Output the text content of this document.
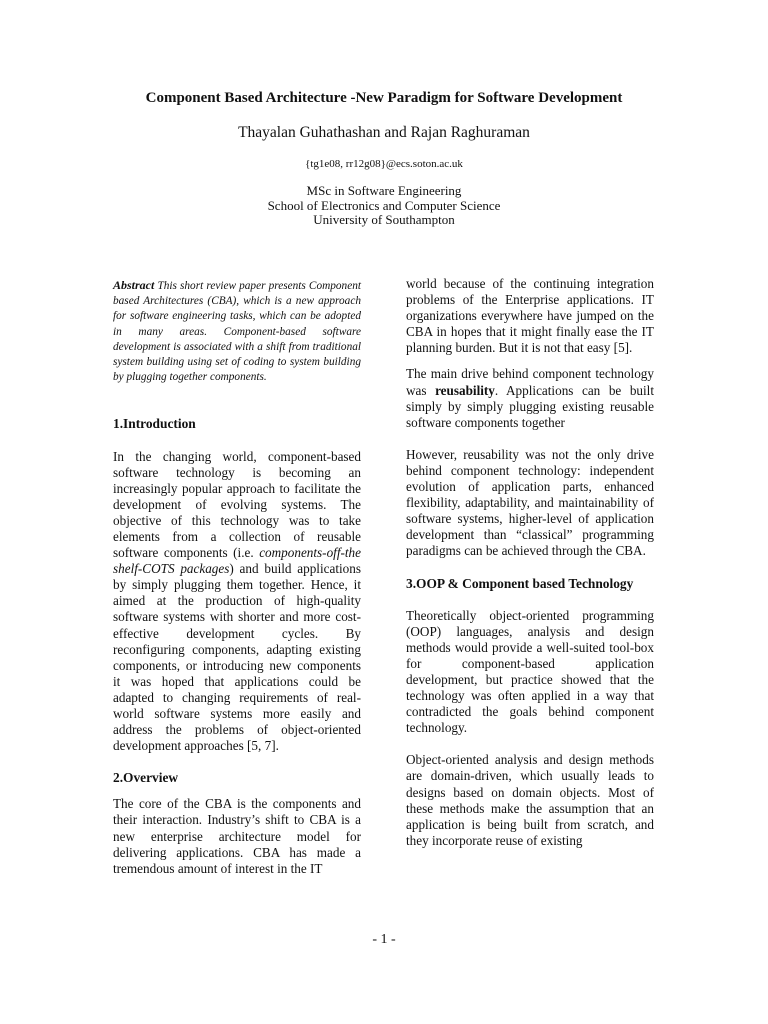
Component Based Architecture -New Paradigm for Software Development
Thayalan Guhathashan and Rajan Raghuraman
{tg1e08, rr12g08}@ecs.soton.ac.uk
MSc in Software Engineering
School of Electronics and Computer Science
University of Southampton

Abstract This short review paper presents Component based Architectures (CBA), which is a new approach for software engineering tasks, which can be adopted in many areas. Component-based software development is associated with a shift from traditional system building using set of coding to system building by plugging together components.

1.Introduction

In the changing world, component-based software technology is becoming an increasingly popular approach to facilitate the development of evolving systems. The objective of this technology was to take elements from a collection of reusable software components (i.e. components-off-the shelf-COTS packages) and build applications by simply plugging them together. Hence, it aimed at the production of high-quality software systems with shorter and more cost-effective development cycles. By reconfiguring components, adapting existing components, or introducing new components it was hoped that applications could be adapted to changing requirements of real-world software systems more easily and address the problems of object-oriented development approaches [5, 7].

2.Overview

The core of the CBA is the components and their interaction. Industry’s shift to CBA is a new enterprise architecture model for delivering applications. CBA has made a tremendous amount of interest in the IT

world because of the continuing integration problems of the Enterprise applications. IT organizations everywhere have jumped on the CBA in hopes that it might finally ease the IT planning burden. But it is not that easy [5].

The main drive behind component technology was reusability. Applications can be built simply by simply plugging existing reusable software components together

However, reusability was not the only drive behind component technology: independent evolution of application parts, enhanced flexibility, adaptability, and maintainability of software systems, higher-level of application development than “classical” programming paradigms can be achieved through the CBA.

3.OOP & Component based Technology

Theoretically object-oriented programming (OOP) languages, analysis and design methods would provide a well-suited tool-box for component-based application development, but practice showed that the technology was often applied in a way that contradicted the goals behind component technology.

Object-oriented analysis and design methods are domain-driven, which usually leads to designs based on domain objects. Most of these methods make the assumption that an application is being built from scratch, and they incorporate reuse of existing

- 1 -
